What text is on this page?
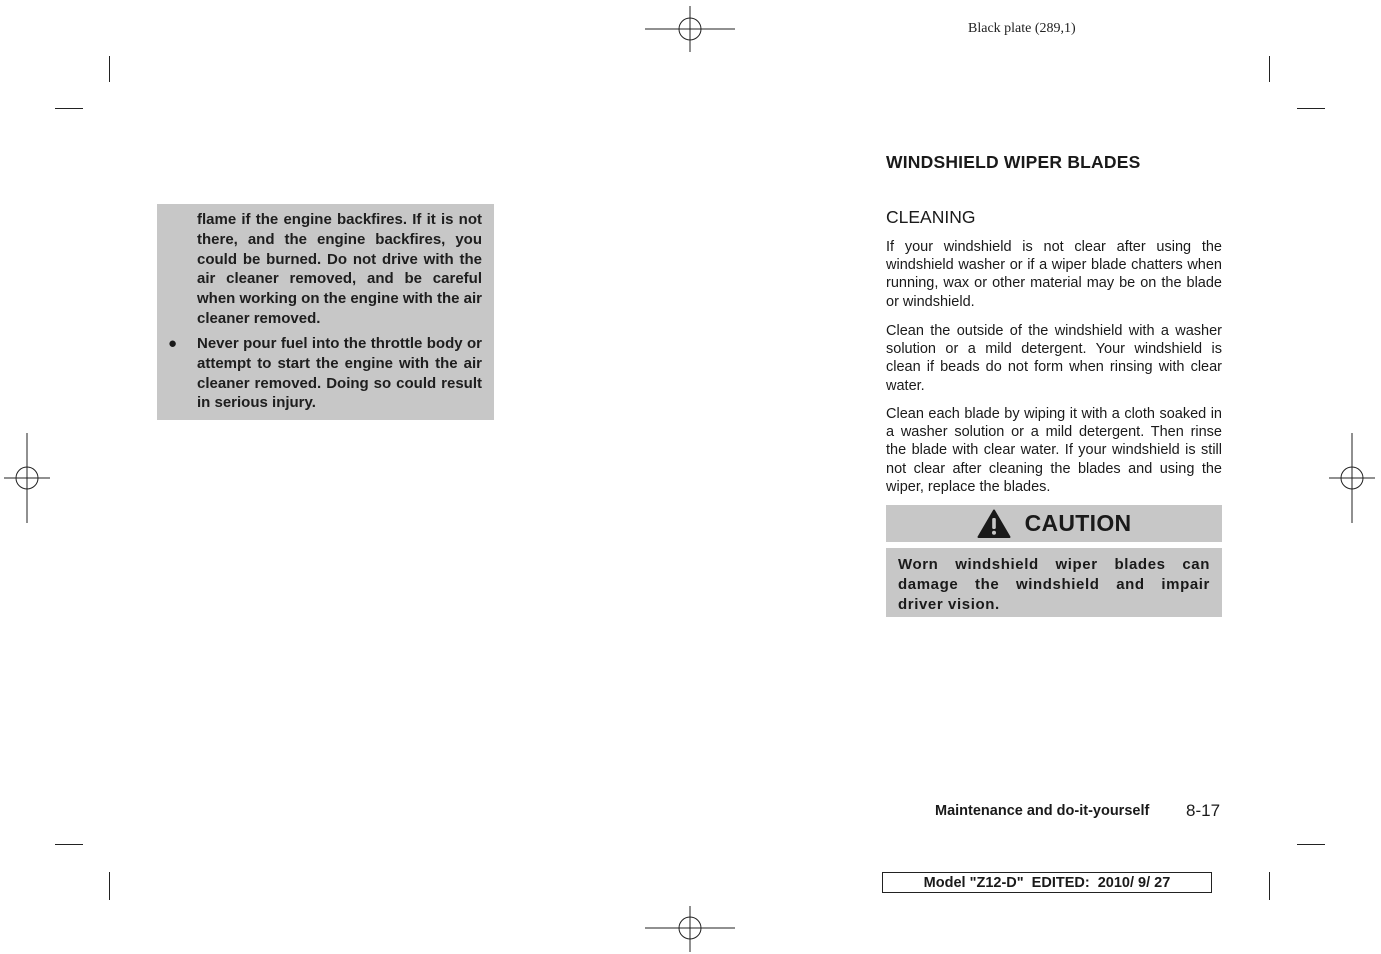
Black plate (289,1)
flame if the engine backfires. If it is not there, and the engine backfires, you could be burned. Do not drive with the air cleaner removed, and be careful when working on the engine with the air cleaner removed.
● Never pour fuel into the throttle body or attempt to start the engine with the air cleaner removed. Doing so could result in serious injury.
WINDSHIELD WIPER BLADES
CLEANING
If your windshield is not clear after using the windshield washer or if a wiper blade chatters when running, wax or other material may be on the blade or windshield.
Clean the outside of the windshield with a washer solution or a mild detergent. Your windshield is clean if beads do not form when rinsing with clear water.
Clean each blade by wiping it with a cloth soaked in a washer solution or a mild detergent. Then rinse the blade with clear water. If your windshield is still not clear after cleaning the blades and using the wiper, replace the blades.
CAUTION
Worn windshield wiper blades can damage the windshield and impair driver vision.
Maintenance and do-it-yourself 8-17
Model "Z12-D"  EDITED:  2010/ 9/ 27
